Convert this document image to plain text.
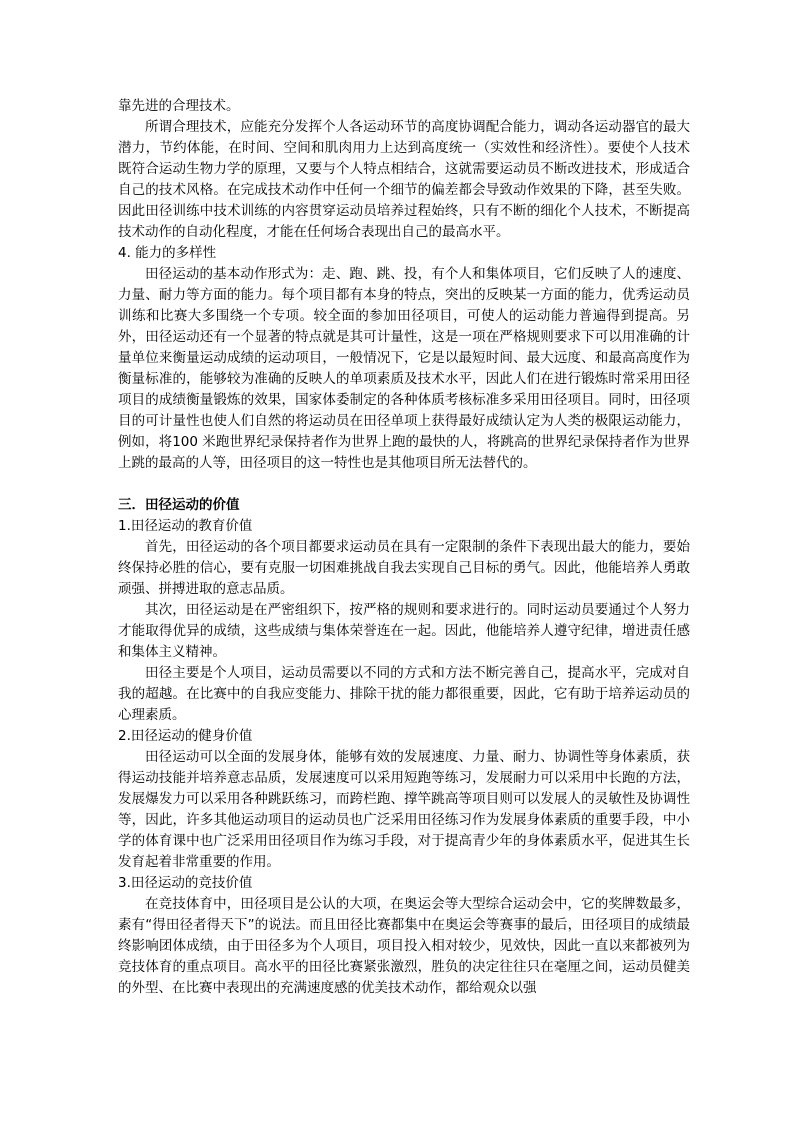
靠先进的合理技术。

所谓合理技术，应能充分发挥个人各运动环节的高度协调配合能力，调动各运动器官的最大潜力，节约体能，在时间、空间和肌肉用力上达到高度统一（实效性和经济性）。要使个人技术既符合运动生物力学的原理，又要与个人特点相结合，这就需要运动员不断改进技术，形成适合自己的技术风格。在完成技术动作中任何一个细节的偏差都会导致动作效果的下降，甚至失败。因此田径训练中技术训练的内容贯穿运动员培养过程始终，只有不断的细化个人技术，不断提高技术动作的自动化程度，才能在任何场合表现出自己的最高水平。

4. 能力的多样性

田径运动的基本动作形式为：走、跑、跳、投，有个人和集体项目，它们反映了人的速度、力量、耐力等方面的能力。每个项目都有本身的特点，突出的反映某一方面的能力，优秀运动员训练和比赛大多围绕一个专项。较全面的参加田径项目，可使人的运动能力普遍得到提高。另外，田径运动还有一个显著的特点就是其可计量性，这是一项在严格规则要求下可以用准确的计量单位来衡量运动成绩的运动项目，一般情况下，它是以最短时间、最大远度、和最高高度作为衡量标准的，能够较为准确的反映人的单项素质及技术水平，因此人们在进行锻炼时常采用田径项目的成绩衡量锻炼的效果，国家体委制定的各种体质考核标准多采用田径项目。同时，田径项目的可计量性也使人们自然的将运动员在田径单项上获得最好成绩认定为人类的极限运动能力，例如，将100 米跑世界纪录保持者作为世界上跑的最快的人，将跳高的世界纪录保持者作为世界上跳的最高的人等，田径项目的这一特性也是其他项目所无法替代的。

三．田径运动的价值

1.田径运动的教育价值

首先，田径运动的各个项目都要求运动员在具有一定限制的条件下表现出最大的能力，要始终保持必胜的信心，要有克服一切困难挑战自我去实现自己目标的勇气。因此，他能培养人勇敢顽强、拼搏进取的意志品质。

其次，田径运动是在严密组织下，按严格的规则和要求进行的。同时运动员要通过个人努力才能取得优异的成绩，这些成绩与集体荣誉连在一起。因此，他能培养人遵守纪律，增进责任感和集体主义精神。

田径主要是个人项目，运动员需要以不同的方式和方法不断完善自己，提高水平，完成对自我的超越。在比赛中的自我应变能力、排除干扰的能力都很重要，因此，它有助于培养运动员的心理素质。

2.田径运动的健身价值

田径运动可以全面的发展身体，能够有效的发展速度、力量、耐力、协调性等身体素质，获得运动技能并培养意志品质，发展速度可以采用短跑等练习，发展耐力可以采用中长跑的方法，发展爆发力可以采用各种跳跃练习，而跨栏跑、撑竿跳高等项目则可以发展人的灵敏性及协调性等，因此，许多其他运动项目的运动员也广泛采用田径练习作为发展身体素质的重要手段，中小学的体育课中也广泛采用田径项目作为练习手段，对于提高青少年的身体素质水平，促进其生长发育起着非常重要的作用。

3.田径运动的竞技价值

在竞技体育中，田径项目是公认的大项，在奥运会等大型综合运动会中，它的奖牌数最多，素有“得田径者得天下”的说法。而且田径比赛都集中在奥运会等赛事的最后，田径项目的成绩最终影响团体成绩，由于田径多为个人项目，项目投入相对较少，见效快，因此一直以来都被列为竞技体育的重点项目。高水平的田径比赛紧张激烈，胜负的决定往往只在毫厘之间，运动员健美的外型、在比赛中表现出的充满速度感的优美技术动作，都给观众以强
